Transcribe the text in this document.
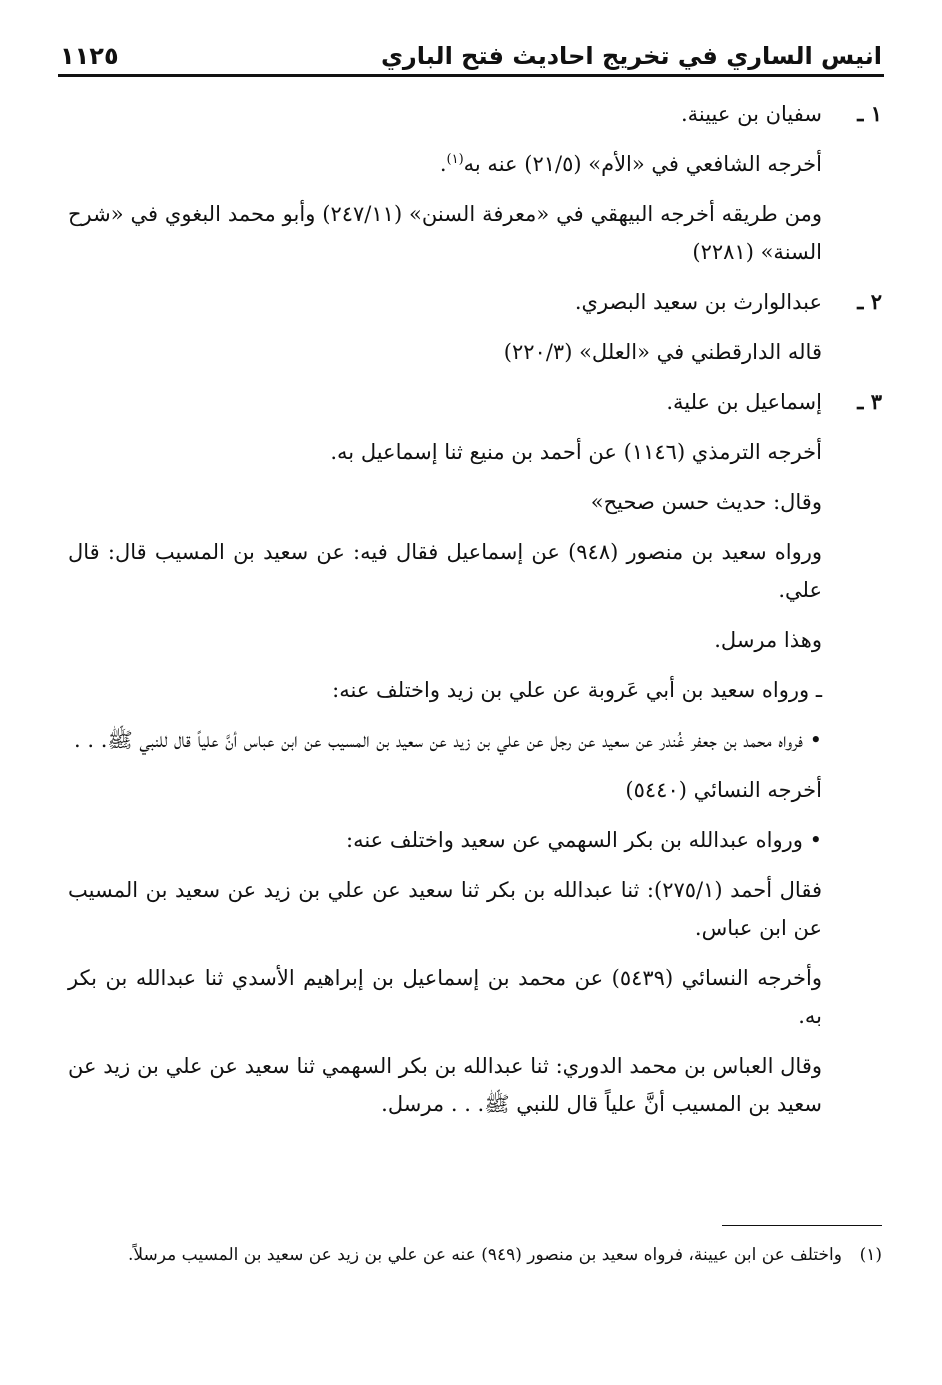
انيس الساري في تخريج احاديث فتح الباري
١١٢٥

١ ـسفيان بن عيينة.

أخرجه الشافعي في «الأم» (٥/‏٢١) عنه به$^{(١)}$.

ومن طريقه أخرجه البيهقي في «معرفة السنن» (١١/‏٢٤٧) وأبو محمد البغوي في «شرح السنة» (٢٢٨١)

٢ ـعبدالوارث بن سعيد البصري.

قاله الدارقطني في «العلل» (٣/‏٢٢٠)

٣ ـإسماعيل بن علية.

أخرجه الترمذي (١١٤٦) عن أحمد بن منيع ثنا إسماعيل به.

وقال: حديث حسن صحيح»

ورواه سعيد بن منصور (٩٤٨) عن إسماعيل فقال فيه: عن سعيد بن المسيب قال: قال علي.

وهذا مرسل.

ـ ورواه سعيد بن أبي عَروبة عن علي بن زيد واختلف عنه:

• فرواه محمد بن جعفر غُندر عن سعيد عن رجل عن علي بن زيد عن سعيد بن المسيب عن ابن عباس أنَّ علياً قال للنبي ﷺ. . .

أخرجه النسائي (٥٤٤٠)

• ورواه عبدالله بن بكر السهمي عن سعيد واختلف عنه:

فقال أحمد (١/‏٢٧٥): ثنا عبدالله بن بكر ثنا سعيد عن علي بن زيد عن سعيد بن المسيب عن ابن عباس.

وأخرجه النسائي (٥٤٣٩) عن محمد بن إسماعيل بن إبراهيم الأسدي ثنا عبدالله بن بكر به.

وقال العباس بن محمد الدوري: ثنا عبدالله بن بكر السهمي ثنا سعيد عن علي بن زيد عن سعيد بن المسيب أنَّ علياً قال للنبي ﷺ. . . مرسل.

(١)واختلف عن ابن عيينة، فرواه سعيد بن منصور (٩٤٩) عنه عن علي بن زيد عن سعيد بن المسيب مرسلاً.
